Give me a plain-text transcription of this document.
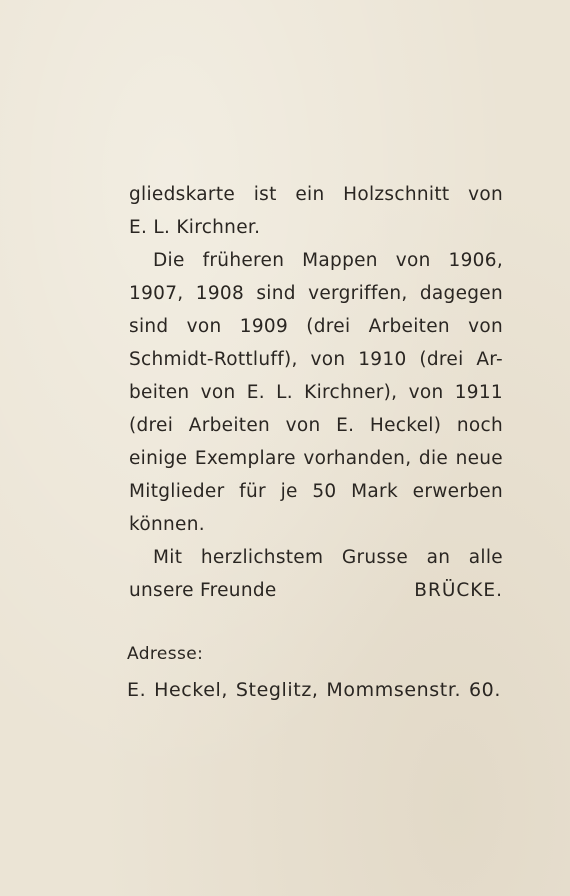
gliedskarte ist ein Holzschnitt von
E. L. Kirchner.
Die früheren Mappen von 1906,
1907, 1908 sind vergriffen, dagegen
sind von 1909 (drei Arbeiten von
Schmidt-Rottluff), von 1910 (drei Ar-
beiten von E. L. Kirchner), von 1911
(drei Arbeiten von E. Heckel) noch
einige Exemplare vorhanden, die neue
Mitglieder für je 50 Mark erwerben
können.
Mit herzlichstem Grusse an alle
unsere Freunde	BRÜCKE.
Adresse:
E. Heckel, Steglitz, Mommsenstr. 60.
